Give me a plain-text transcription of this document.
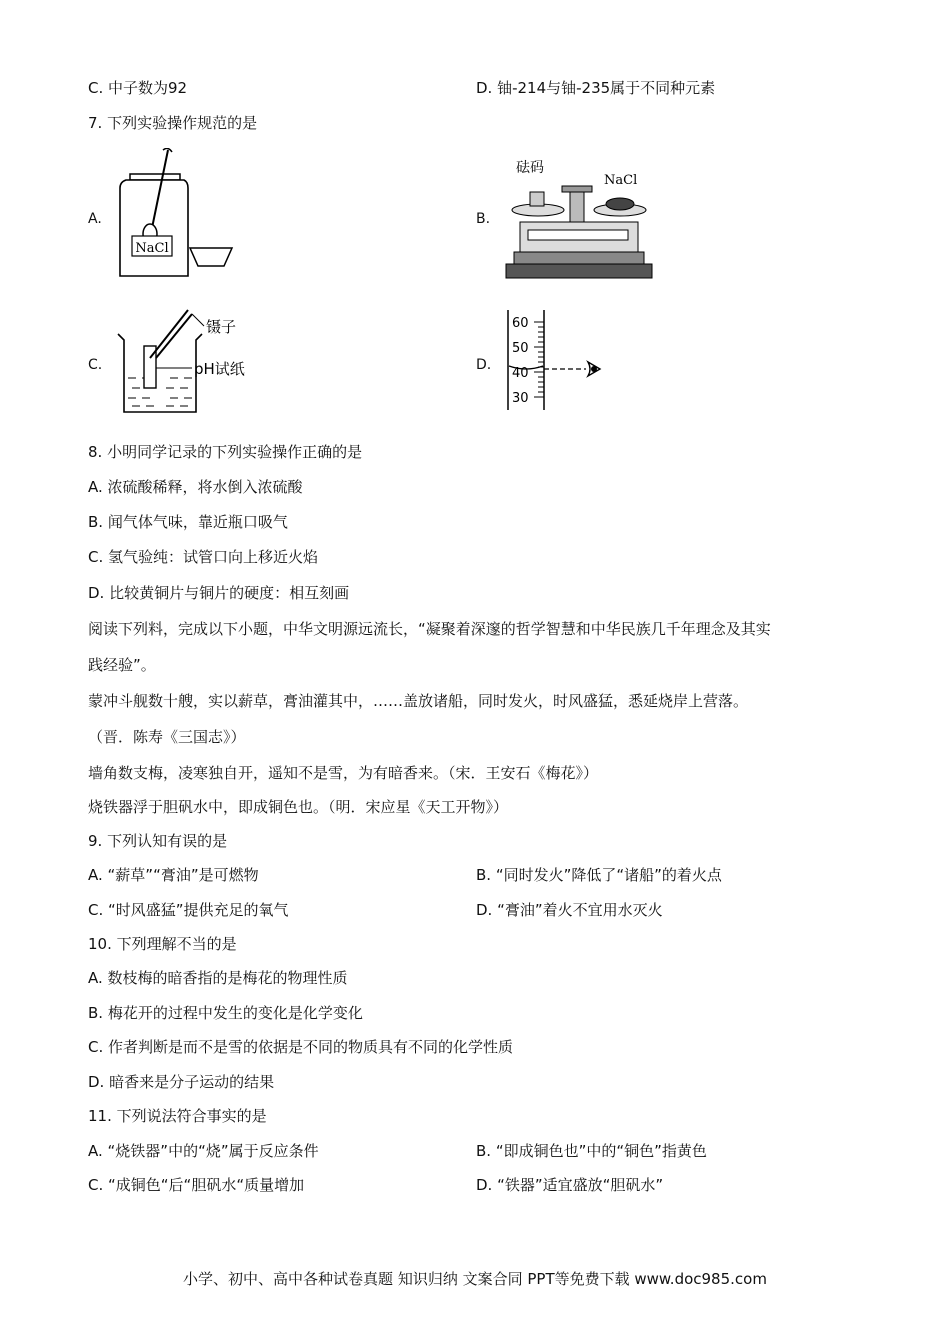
C. 中子数为92	D. 铀-214与铀-235属于不同种元素
7. 下列实验操作规范的是
A.
NaCl
B.
砝码
NaCl
C.
镊子
pH试纸	D.
60
50
40
30
8. 小明同学记录的下列实验操作正确的是
A. 浓硫酸稀释，将水倒入浓硫酸
B. 闻气体气味，靠近瓶口吸气
C. 氢气验纯：试管口向上移近火焰
D. 比较黄铜片与铜片的硬度：相互刻画
阅读下列料，完成以下小题，中华文明源远流长，“凝聚着深邃的哲学智慧和中华民族几千年理念及其实
践经验”。
蒙冲斗舰数十艘，实以薪草，膏油灌其中，……盖放诸船，同时发火，时风盛猛，悉延烧岸上营落。
（晋．陈寿《三国志》）
墙角数支梅，凌寒独自开，遥知不是雪，为有暗香来。（宋．王安石《梅花》）
烧铁器浮于胆矾水中，即成铜色也。（明．宋应星《天工开物》）
9. 下列认知有误的是
A. “薪草”“膏油”是可燃物	B. “同时发火”降低了“诸船”的着火点
C. “时风盛猛”提供充足的氧气	D. “膏油”着火不宜用水灭火
10. 下列理解不当的是
A. 数枝梅的暗香指的是梅花的物理性质
B. 梅花开的过程中发生的变化是化学变化
C. 作者判断是而不是雪的依据是不同的物质具有不同的化学性质
D. 暗香来是分子运动的结果
11. 下列说法符合事实的是
A. “烧铁器”中的“烧”属于反应条件	B. “即成铜色也”中的“铜色”指黄色
C. “成铜色“后“胆矾水“质量增加	D. “铁器”适宜盛放“胆矾水”
小学、初中、高中各种试卷真题 知识归纳 文案合同 PPT等免费下载 www.doc985.com
